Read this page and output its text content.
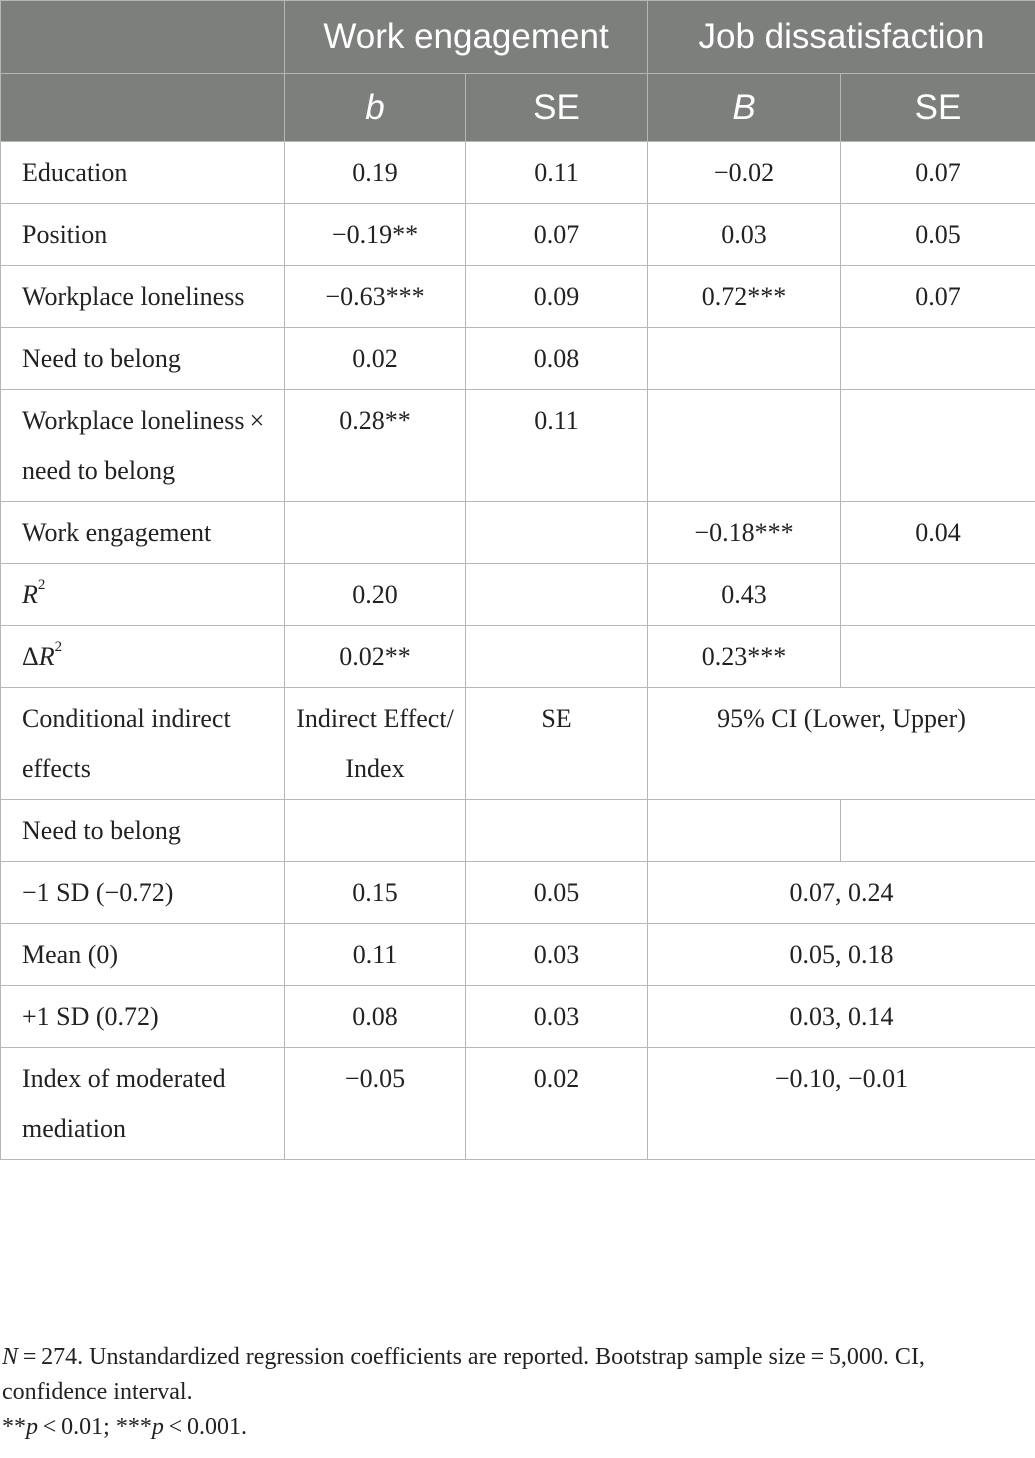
	Work engagement		Job dissatisfaction	
	b	SE	B	SE
Education	0.19	0.11	−0.02	0.07
Position	−0.19**	0.07	0.03	0.05
Workplace loneliness	−0.63***	0.09	0.72***	0.07
Need to belong	0.02	0.08		
Workplace loneliness × need to belong	0.28**	0.11		
Work engagement			−0.18***	0.04
$R^2$	0.20		0.43	
$\Delta R^2$	0.02**		0.23***	
Conditional indirect effects	Indirect Effect/ Index	SE	95% CI (Lower, Upper)	
Need to belong				
−1 SD (−0.72)	0.15	0.05	0.07, 0.24	
Mean (0)	0.11	0.03	0.05, 0.18	
+1 SD (0.72)	0.08	0.03	0.03, 0.14	
Index of moderated mediation	−0.05	0.02	−0.10, −0.01	

N = 274. Unstandardized regression coefficients are reported. Bootstrap sample size = 5,000. CI, confidence interval.

**p < 0.01; ***p < 0.001.
